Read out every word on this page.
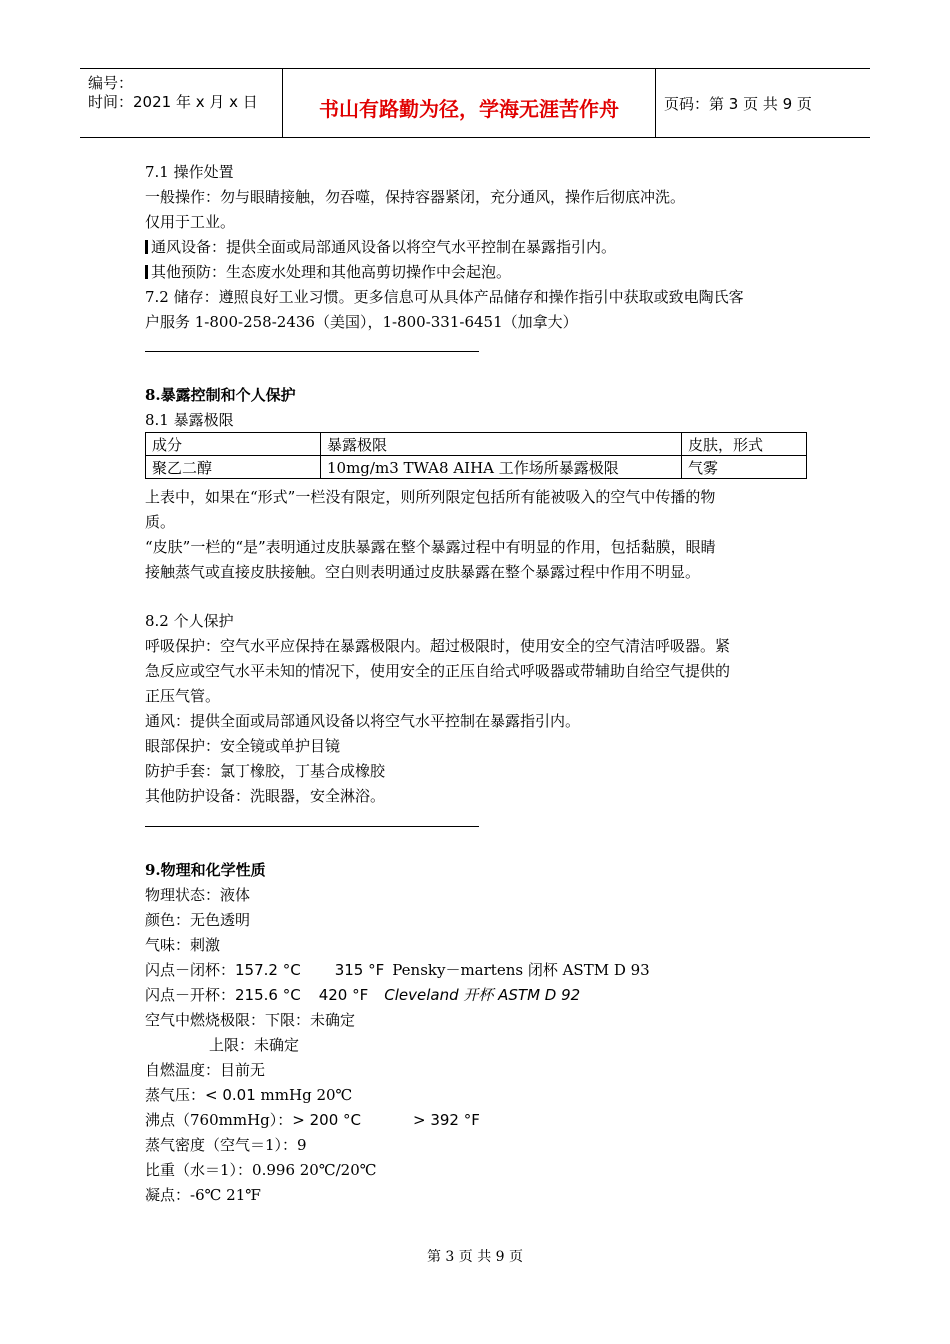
编号：
时间：2021 年 x 月 x 日	书山有路勤为径，学海无涯苦作舟	页码：第 3 页 共 9 页
7.1 操作处置
一般操作：勿与眼睛接触，勿吞噬，保持容器紧闭，充分通风，操作后彻底冲洗。
仅用于工业。
通风设备：提供全面或局部通风设备以将空气水平控制在暴露指引内。
其他预防：生态废水处理和其他高剪切操作中会起泡。
7.2 储存：遵照良好工业习惯。更多信息可从具体产品储存和操作指引中获取或致电陶氏客
户服务 1-800-258-2436（美国），1-800-331-6451（加拿大）
8.暴露控制和个人保护
8.1 暴露极限
成分	暴露极限	皮肤，形式
聚乙二醇	10mg/m3 TWA8 AIHA 工作场所暴露极限	气雾
上表中，如果在“形式”一栏没有限定，则所列限定包括所有能被吸入的空气中传播的物
质。
“皮肤”一栏的“是”表明通过皮肤暴露在整个暴露过程中有明显的作用，包括黏膜，眼睛
接触蒸气或直接皮肤接触。空白则表明通过皮肤暴露在整个暴露过程中作用不明显。
8.2 个人保护
呼吸保护：空气水平应保持在暴露极限内。超过极限时，使用安全的空气清洁呼吸器。紧
急反应或空气水平未知的情况下，使用安全的正压自给式呼吸器或带辅助自给空气提供的
正压气管。
通风：提供全面或局部通风设备以将空气水平控制在暴露指引内。
眼部保护：安全镜或单护目镜
防护手套：氯丁橡胶，丁基合成橡胶
其他防护设备：洗眼器，安全淋浴。
9.物理和化学性质
物理状态：液体
颜色：无色透明
气味：刺激
闪点－闭杯：157.2 °C 315 °F Pensky－martens 闭杯 ASTM D 93
闪点－开杯：215.6 °C 420 °F Cleveland 开杯 ASTM D 92
空气中燃烧极限：下限：未确定
上限：未确定
自燃温度：目前无
蒸气压：< 0.01 mmHg 20℃
沸点（760mmHg）：> 200 °C	> 392 °F
蒸气密度（空气＝1）：9
比重（水＝1）：0.996 20℃/20℃
凝点：-6℃ 21℉
第 3 页 共 9 页
